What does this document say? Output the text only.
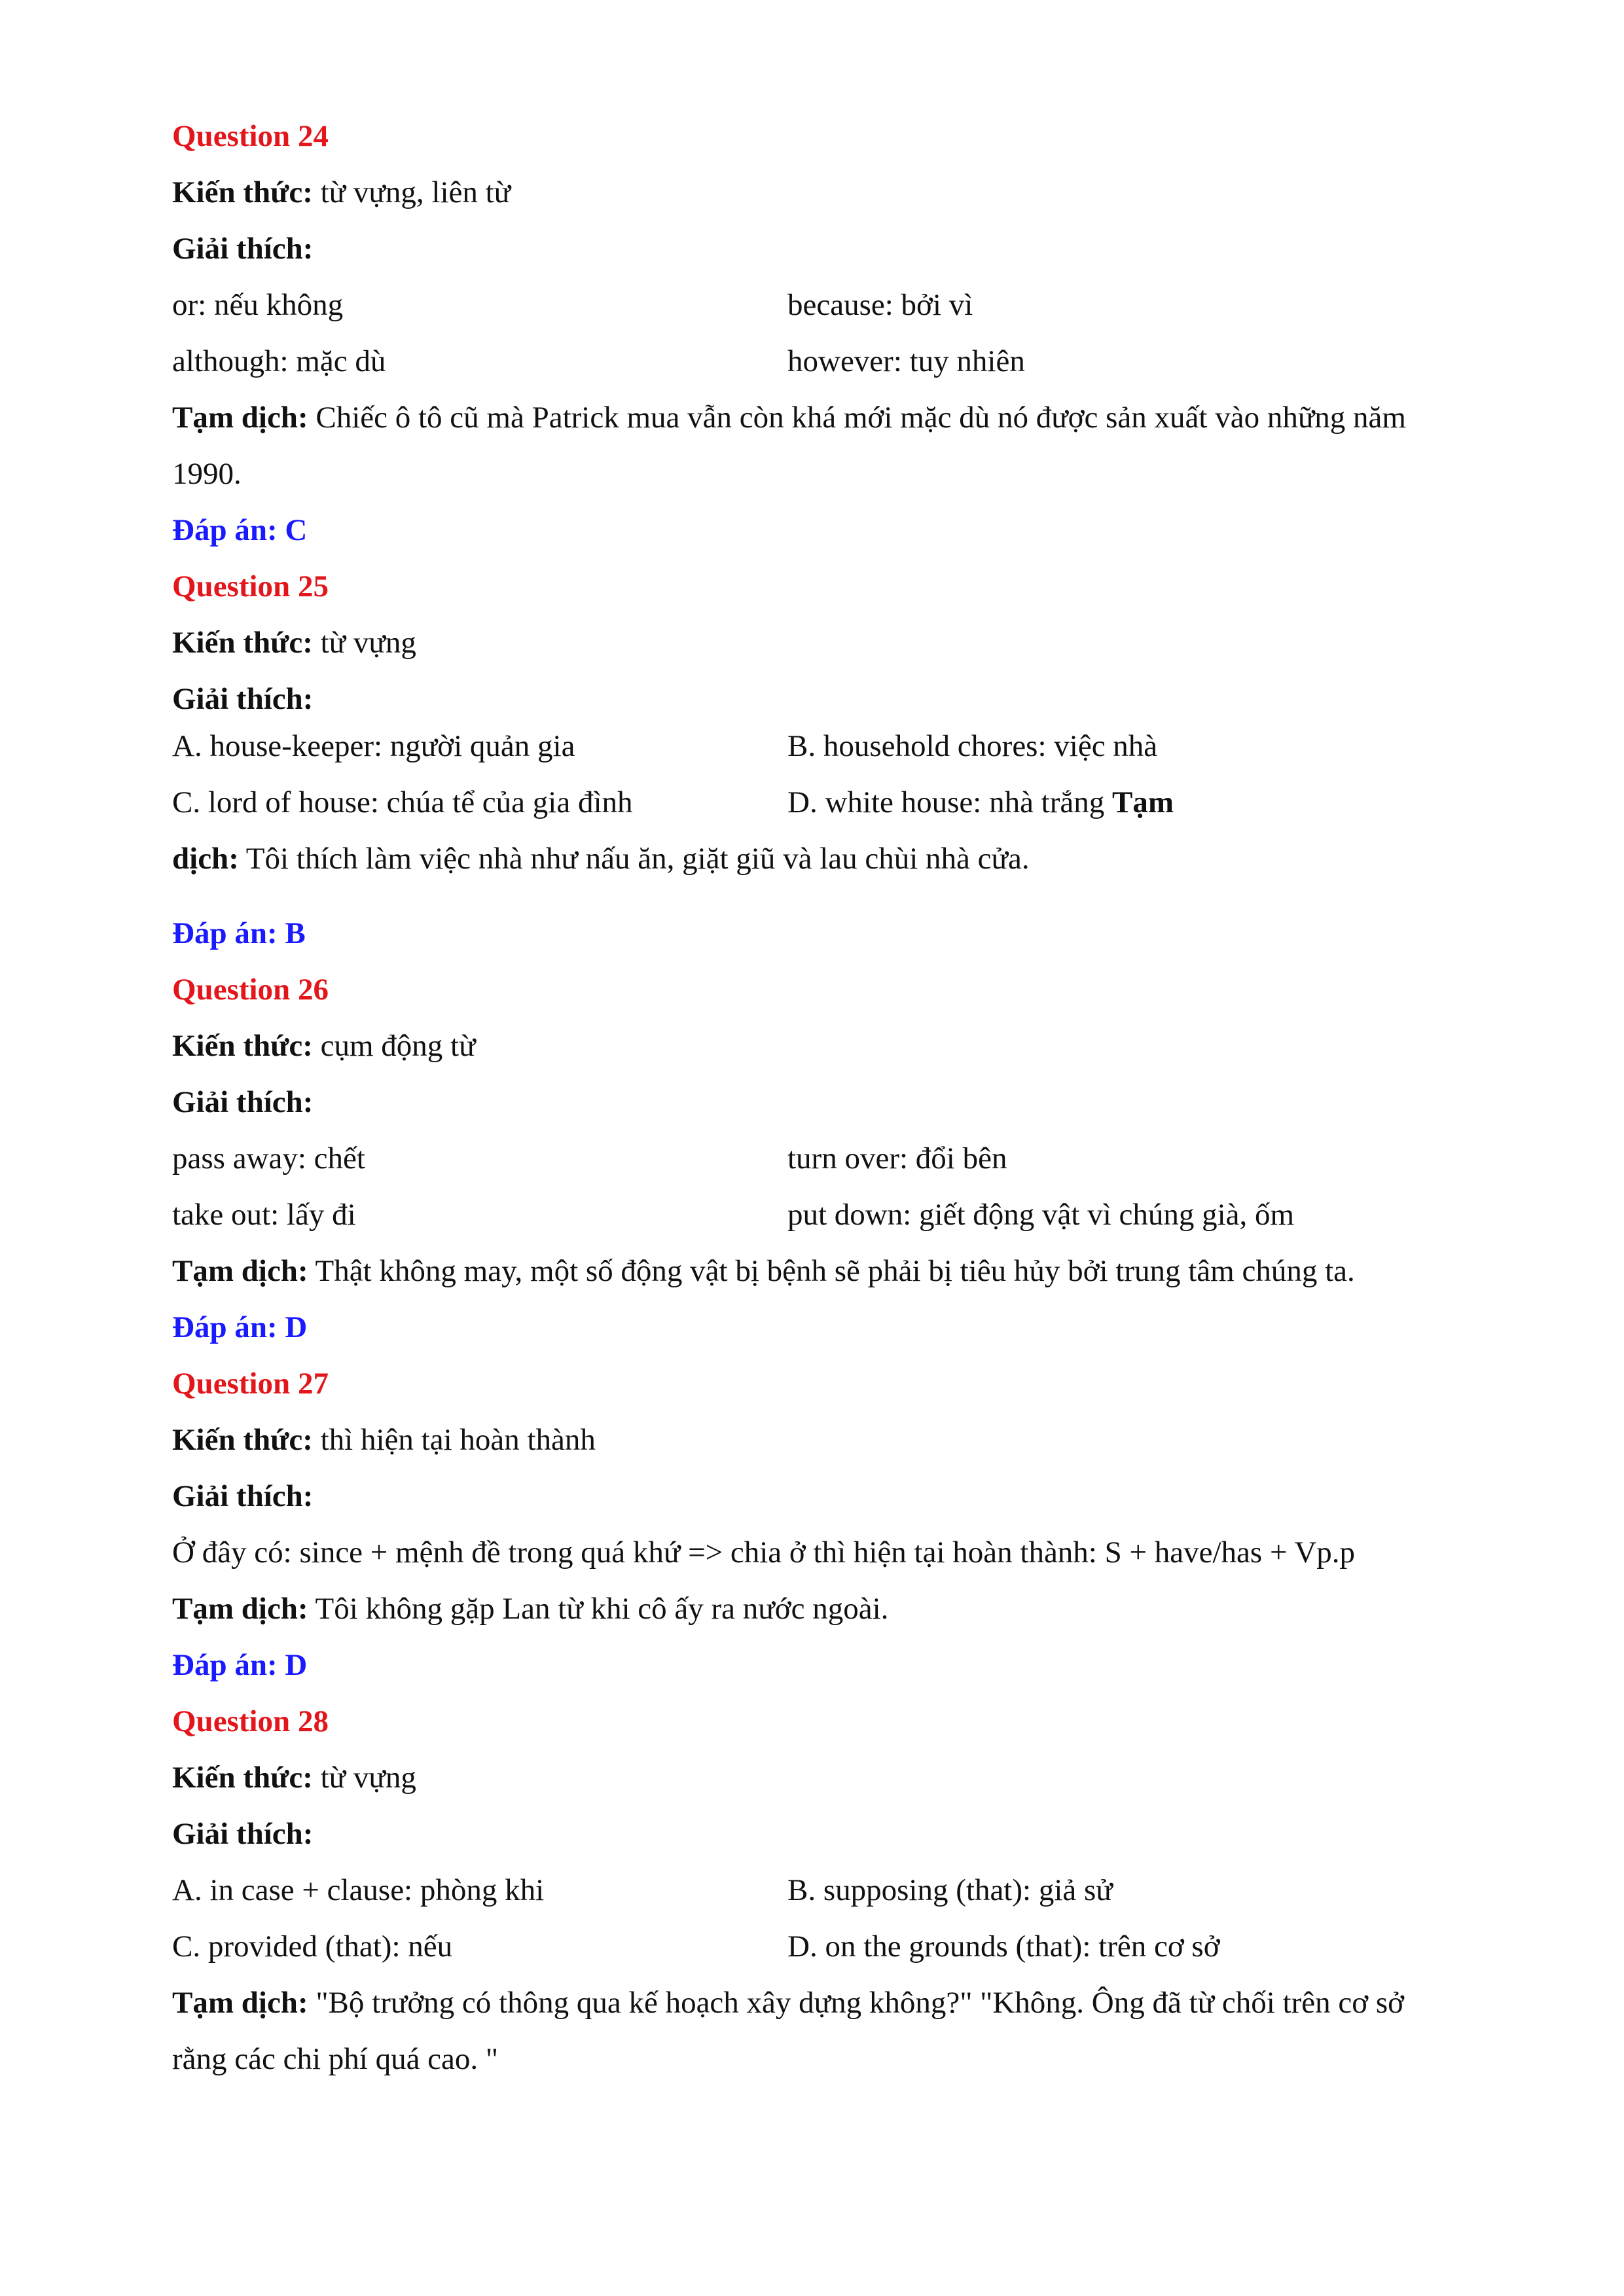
Question 24
Kiến thức: từ vựng, liên từ
Giải thích:
or: nếu không	because: bởi vì
although: mặc dù	however: tuy nhiên
Tạm dịch: Chiếc ô tô cũ mà Patrick mua vẫn còn khá mới mặc dù nó được sản xuất vào những năm
1990.
Đáp án: C
Question 25
Kiến thức: từ vựng
Giải thích:
A. house-keeper: người quản gia	B. household chores: việc nhà
C. lord of house: chúa tể của gia đình	D. white house: nhà trắng Tạm
dịch: Tôi thích làm việc nhà như nấu ăn, giặt giũ và lau chùi nhà cửa.
Đáp án: B
Question 26
Kiến thức: cụm động từ
Giải thích:
pass away: chết	turn over: đổi bên
take out: lấy đi	put down: giết động vật vì chúng già, ốm
Tạm dịch: Thật không may, một số động vật bị bệnh sẽ phải bị tiêu hủy bởi trung tâm chúng ta.
Đáp án: D
Question 27
Kiến thức: thì hiện tại hoàn thành
Giải thích:
Ở đây có: since + mệnh đề trong quá khứ => chia ở thì hiện tại hoàn thành: S + have/has + Vp.p
Tạm dịch: Tôi không gặp Lan từ khi cô ấy ra nước ngoài.
Đáp án: D
Question 28
Kiến thức: từ vựng
Giải thích:
A. in case + clause: phòng khi	B. supposing (that): giả sử
C. provided (that): nếu	D. on the grounds (that): trên cơ sở
Tạm dịch: "Bộ trưởng có thông qua kế hoạch xây dựng không?" "Không. Ông đã từ chối trên cơ sở
rằng các chi phí quá cao. "
